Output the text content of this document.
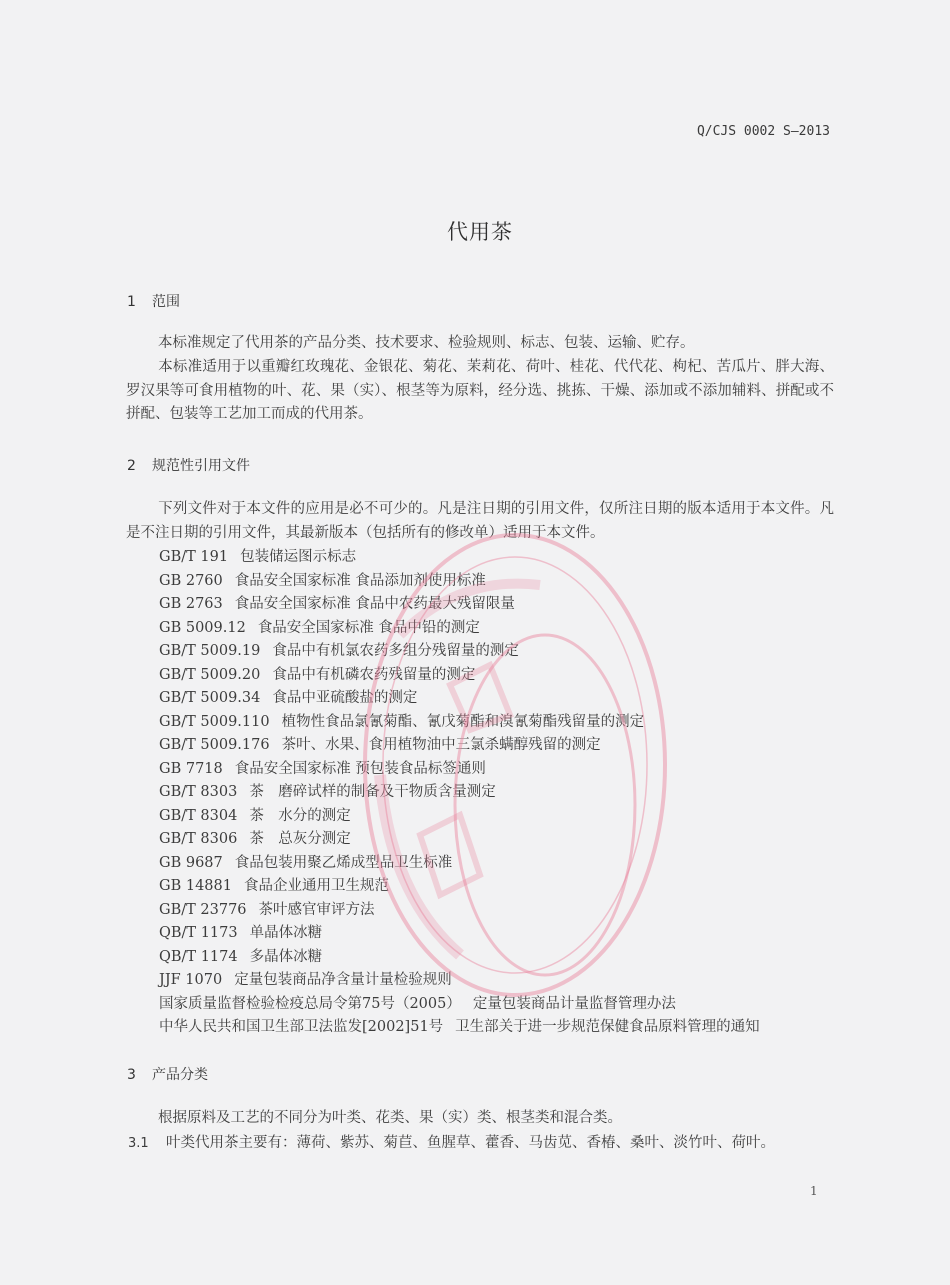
Q/CJS 0002 S—2013
代用茶
1 范围
本标准规定了代用茶的产品分类、技术要求、检验规则、标志、包装、运输、贮存。
本标准适用于以重瓣红玫瑰花、金银花、菊花、茉莉花、荷叶、桂花、代代花、枸杞、苦瓜片、胖大海、罗汉果等可食用植物的叶、花、果（实）、根茎等为原料，经分选、挑拣、干燥、添加或不添加辅料、拼配或不拼配、包装等工艺加工而成的代用茶。
2 规范性引用文件
下列文件对于本文件的应用是必不可少的。凡是注日期的引用文件，仅所注日期的版本适用于本文件。凡是不注日期的引用文件，其最新版本（包括所有的修改单）适用于本文件。
GB/T 191 包装储运图示标志
GB 2760 食品安全国家标准 食品添加剂使用标准
GB 2763 食品安全国家标准 食品中农药最大残留限量
GB 5009.12 食品安全国家标准 食品中铅的测定
GB/T 5009.19 食品中有机氯农药多组分残留量的测定
GB/T 5009.20 食品中有机磷农药残留量的测定
GB/T 5009.34 食品中亚硫酸盐的测定
GB/T 5009.110 植物性食品氯氰菊酯、氰戊菊酯和溴氰菊酯残留量的测定
GB/T 5009.176 茶叶、水果、食用植物油中三氯杀螨醇残留的测定
GB 7718 食品安全国家标准 预包装食品标签通则
GB/T 8303 茶　磨碎试样的制备及干物质含量测定
GB/T 8304 茶　水分的测定
GB/T 8306 茶　总灰分测定
GB 9687 食品包装用聚乙烯成型品卫生标准
GB 14881 食品企业通用卫生规范
GB/T 23776 茶叶感官审评方法
QB/T 1173 单晶体冰糖
QB/T 1174 多晶体冰糖
JJF 1070 定量包装商品净含量计量检验规则
国家质量监督检验检疫总局令第75号（2005） 定量包装商品计量监督管理办法
中华人民共和国卫生部卫法监发[2002]51号 卫生部关于进一步规范保健食品原料管理的通知
3 产品分类
根据原料及工艺的不同分为叶类、花类、果（实）类、根茎类和混合类。
3.1 叶类代用茶主要有：薄荷、紫苏、菊苣、鱼腥草、藿香、马齿苋、香椿、桑叶、淡竹叶、荷叶。
1
